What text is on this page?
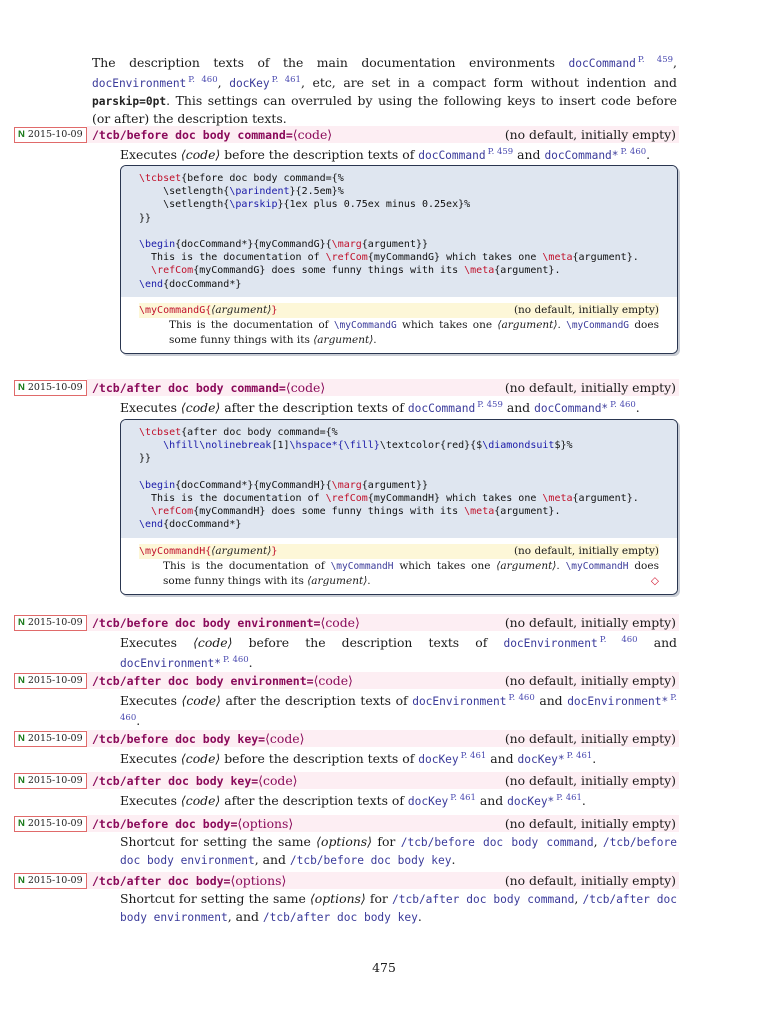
The description texts of the main documentation environments docCommand $^{P. 459}$, docEnvironment $^{P. 460}$, docKey $^{P. 461}$, etc, are set in a compact form without indention and parskip=0pt. This settings can overruled by using the following keys to insert code before (or after) the description texts.
N 2015-10-09 /tcb/before doc body command=⟨code⟩	(no default, initially empty)
Executes ⟨code⟩ before the description texts of docCommand $^{P. 459}$ and docCommand* $^{P. 460}$.
\tcbset{before doc body command={%
\setlength{\parindent}{2.5em}%
\setlength{\parskip}{1ex plus 0.75ex minus 0.25ex}%
}}

\begin{docCommand*}{myCommandG}{\marg{argument}}
This is the documentation of \refCom{myCommandG} which takes one \meta{argument}.
\refCom{myCommandG} does some funny things with its \meta{argument}.
\end{docCommand*}
\myCommandG{⟨argument⟩}	(no default, initially empty)
This is the documentation of \myCommandG which takes one ⟨argument⟩. \myCommandG does some funny things with its ⟨argument⟩.
N 2015-10-09 /tcb/after doc body command=⟨code⟩	(no default, initially empty)
Executes ⟨code⟩ after the description texts of docCommand $^{P. 459}$ and docCommand* $^{P. 460}$.
\tcbset{after doc body command={%
\hfill\nolinebreak[1]\hspace*{\fill}\textcolor{red}{$\diamondsuit$}%
}}

\begin{docCommand*}{myCommandH}{\marg{argument}}
This is the documentation of \refCom{myCommandH} which takes one \meta{argument}.
\refCom{myCommandH} does some funny things with its \meta{argument}.
\end{docCommand*}
\myCommandH{⟨argument⟩}	(no default, initially empty)
This is the documentation of \myCommandH which takes one ⟨argument⟩. \myCommandH does some funny things with its ⟨argument⟩.	◇
N 2015-10-09 /tcb/before doc body environment=⟨code⟩	(no default, initially empty)
Executes ⟨code⟩ before the description texts of docEnvironment $^{P. 460}$ and docEnvironment* $^{P. 460}$.
N 2015-10-09 /tcb/after doc body environment=⟨code⟩	(no default, initially empty)
Executes ⟨code⟩ after the description texts of docEnvironment $^{P. 460}$ and docEnvironment* $^{P. 460}$.
N 2015-10-09 /tcb/before doc body key=⟨code⟩	(no default, initially empty)
Executes ⟨code⟩ before the description texts of docKey $^{P. 461}$ and docKey* $^{P. 461}$.
N 2015-10-09 /tcb/after doc body key=⟨code⟩	(no default, initially empty)
Executes ⟨code⟩ after the description texts of docKey $^{P. 461}$ and docKey* $^{P. 461}$.
N 2015-10-09 /tcb/before doc body=⟨options⟩	(no default, initially empty)
Shortcut for setting the same ⟨options⟩ for /tcb/before doc body command, /tcb/before doc body environment, and /tcb/before doc body key.
N 2015-10-09 /tcb/after doc body=⟨options⟩	(no default, initially empty)
Shortcut for setting the same ⟨options⟩ for /tcb/after doc body command, /tcb/after doc body environment, and /tcb/after doc body key.
475
